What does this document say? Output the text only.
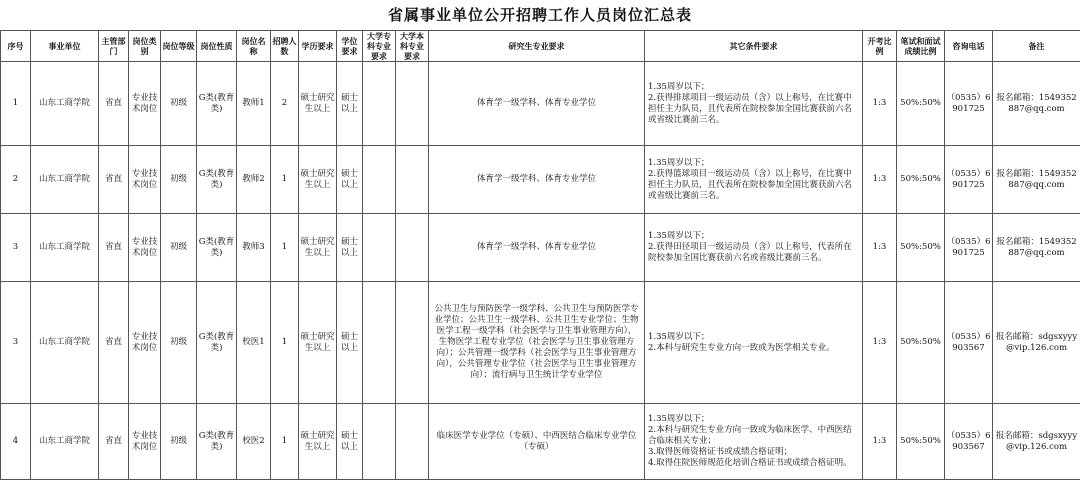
省属事业单位公开招聘工作人员岗位汇总表
序号	事业单位	主管部门	岗位类别	岗位等级	岗位性质	岗位名称	招聘人数	学历要求	学位要求	大学专科专业要求	大学本科专业要求	研究生专业要求	其它条件要求	开考比例	笔试和面试成绩比例	咨询电话	备注
1	山东工商学院	省直	专业技术岗位	初级	G类(教育类)	教师1	2	硕士研究生以上	硕士以上			体育学一级学科、体育专业学位	1.35周岁以下；
2.获得排球项目一级运动员（含）以上称号，在比赛中担任主力队员，且代表所在院校参加全国比赛获前六名或省级比赛前三名。	1:3	50%:50%	（0535）6901725	报名邮箱：1549352887@qq.com
2	山东工商学院	省直	专业技术岗位	初级	G类(教育类)	教师2	1	硕士研究生以上	硕士以上			体育学一级学科、体育专业学位	1.35周岁以下；
2.获得篮球项目一级运动员（含）以上称号，在比赛中担任主力队员，且代表所在院校参加全国比赛获前六名或省级比赛前三名。	1:3	50%:50%	（0535）6901725	报名邮箱：1549352887@qq.com
3	山东工商学院	省直	专业技术岗位	初级	G类(教育类)	教师3	1	硕士研究生以上	硕士以上			体育学一级学科、体育专业学位	1.35周岁以下；
2.获得田径项目一级运动员（含）以上称号，代表所在院校参加全国比赛获前六名或省级比赛前三名。	1:3	50%:50%	（0535）6901725	报名邮箱：1549352887@qq.com
3	山东工商学院	省直	专业技术岗位	初级	G类(教育类)	校医1	1	硕士研究生以上	硕士以上			公共卫生与预防医学一级学科、公共卫生与预防医学专业学位；公共卫生一级学科、公共卫生专业学位；生物医学工程一级学科（社会医学与卫生事业管理方向），生物医学工程专业学位（社会医学与卫生事业管理方向）；公共管理一级学科（社会医学与卫生事业管理方向），公共管理专业学位（社会医学与卫生事业管理方向）；流行病与卫生统计学专业学位	1.35周岁以下；
2.本科与研究生专业方向一致或为医学相关专业。	1:3	50%:50%	（0535）6903567	报名邮箱：sdgsxyyy@vip.126.com
4	山东工商学院	省直	专业技术岗位	初级	G类(教育类)	校医2	1	硕士研究生以上	硕士以上			临床医学专业学位（专硕）、中西医结合临床专业学位（专硕）	1.35周岁以下；
2.本科与研究生专业方向一致或为临床医学、中西医结合临床相关专业；
3.取得医师资格证书或成绩合格证明；
4.取得住院医师规范化培训合格证书或成绩合格证明。	1:3	50%:50%	（0535）6903567	报名邮箱：sdgsxyyy@vip.126.com
